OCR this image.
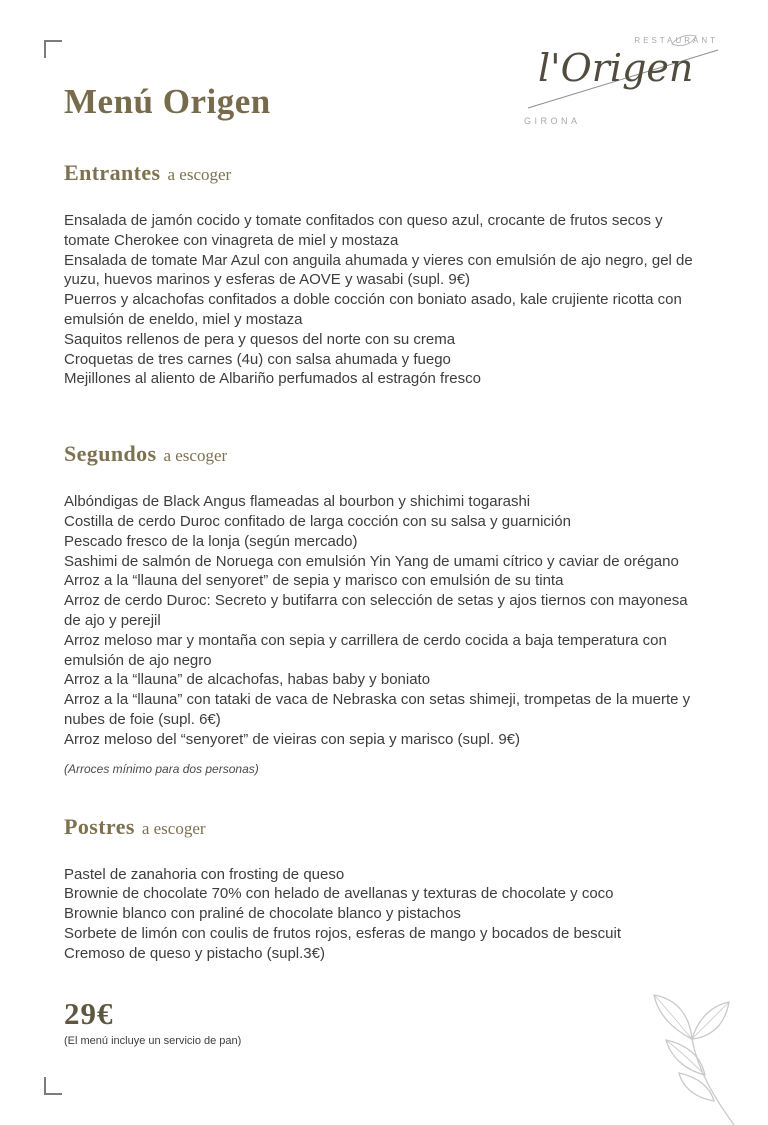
RESTAURANT
l'Origen
GIRONA
Menú Origen
Entrantes a escoger
Ensalada de jamón cocido y tomate confitados con queso azul, crocante de frutos secos y tomate Cherokee con vinagreta de miel y mostaza
Ensalada de tomate Mar Azul con anguila ahumada y vieres con emulsión de ajo negro, gel de yuzu, huevos marinos y esferas de AOVE y wasabi (supl. 9€)
Puerros y alcachofas confitados a doble cocción con boniato asado, kale crujiente ricotta con emulsión de eneldo, miel y mostaza
Saquitos rellenos de pera y quesos del norte con su crema
Croquetas de tres carnes (4u) con salsa ahumada y fuego
Mejillones al aliento de Albariño perfumados al estragón fresco
Segundos a escoger
Albóndigas de Black Angus flameadas al bourbon y shichimi togarashi
Costilla de cerdo Duroc confitado de larga cocción con su salsa y guarnición
Pescado fresco de la lonja (según mercado)
Sashimi de salmón de Noruega con emulsión Yin Yang de umami cítrico y caviar de orégano
Arroz a la “llauna del senyoret” de sepia y marisco con emulsión de su tinta
Arroz de cerdo Duroc: Secreto y butifarra con selección de setas y ajos tiernos con mayonesa de ajo y perejil
Arroz meloso mar y montaña con sepia y carrillera de cerdo cocida a baja temperatura con emulsión de ajo negro
Arroz a la “llauna” de alcachofas, habas baby y boniato
Arroz a la “llauna” con tataki de vaca de Nebraska con setas shimeji, trompetas de la muerte y nubes de foie (supl. 6€)
Arroz meloso del “senyoret” de vieiras con sepia y marisco (supl. 9€)
(Arroces mínimo para dos personas)
Postres a escoger
Pastel de zanahoria con frosting de queso
Brownie de chocolate 70% con helado de avellanas y texturas de chocolate y coco
Brownie blanco con praliné de chocolate blanco y pistachos
Sorbete de limón con coulis de frutos rojos, esferas de mango y bocados de bescuit
Cremoso de queso y pistacho (supl.3€)
29€
(El menú incluye un servicio de pan)
